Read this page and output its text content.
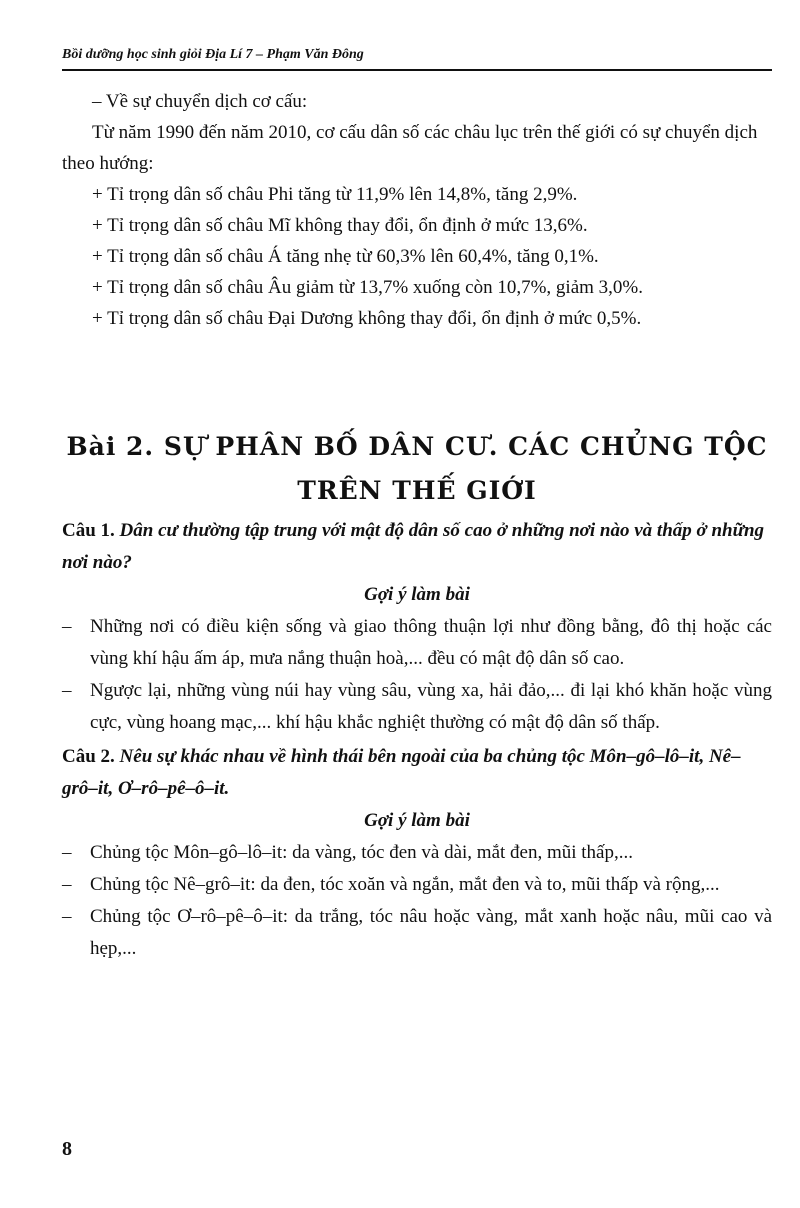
Bồi dưỡng học sinh giỏi Địa Lí 7 – Phạm Văn Đông

– Về sự chuyển dịch cơ cấu:

Từ năm 1990 đến năm 2010, cơ cấu dân số các châu lục trên thế giới có sự chuyển dịch theo hướng:

+ Tỉ trọng dân số châu Phi tăng từ 11,9% lên 14,8%, tăng 2,9%.

+ Tỉ trọng dân số châu Mĩ không thay đổi, ổn định ở mức 13,6%.

+ Tỉ trọng dân số châu Á tăng nhẹ từ 60,3% lên 60,4%, tăng 0,1%.

+ Tỉ trọng dân số châu Âu giảm từ 13,7% xuống còn 10,7%, giảm 3,0%.

+ Tỉ trọng dân số châu Đại Dương không thay đổi, ổn định ở mức 0,5%.

Bài 2. SỰ PHÂN BỐ DÂN CƯ. CÁC CHỦNG TỘC
TRÊN THẾ GIỚI

Câu 1. Dân cư thường tập trung với mật độ dân số cao ở những nơi nào và thấp ở những nơi nào?

Gợi ý làm bài

– Những nơi có điều kiện sống và giao thông thuận lợi như đồng bằng, đô thị hoặc các vùng khí hậu ấm áp, mưa nắng thuận hoà,... đều có mật độ dân số cao.

– Ngược lại, những vùng núi hay vùng sâu, vùng xa, hải đảo,... đi lại khó khăn hoặc vùng cực, vùng hoang mạc,... khí hậu khắc nghiệt thường có mật độ dân số thấp.

Câu 2. Nêu sự khác nhau về hình thái bên ngoài của ba chủng tộc Môn–gô–lô–it, Nê–grô–it, Ơ–rô–pê–ô–it.

Gợi ý làm bài

– Chủng tộc Môn–gô–lô–it: da vàng, tóc đen và dài, mắt đen, mũi thấp,...

– Chủng tộc Nê–grô–it: da đen, tóc xoăn và ngắn, mắt đen và to, mũi thấp và rộng,...

– Chủng tộc Ơ–rô–pê–ô–it: da trắng, tóc nâu hoặc vàng, mắt xanh hoặc nâu, mũi cao và hẹp,...

8
